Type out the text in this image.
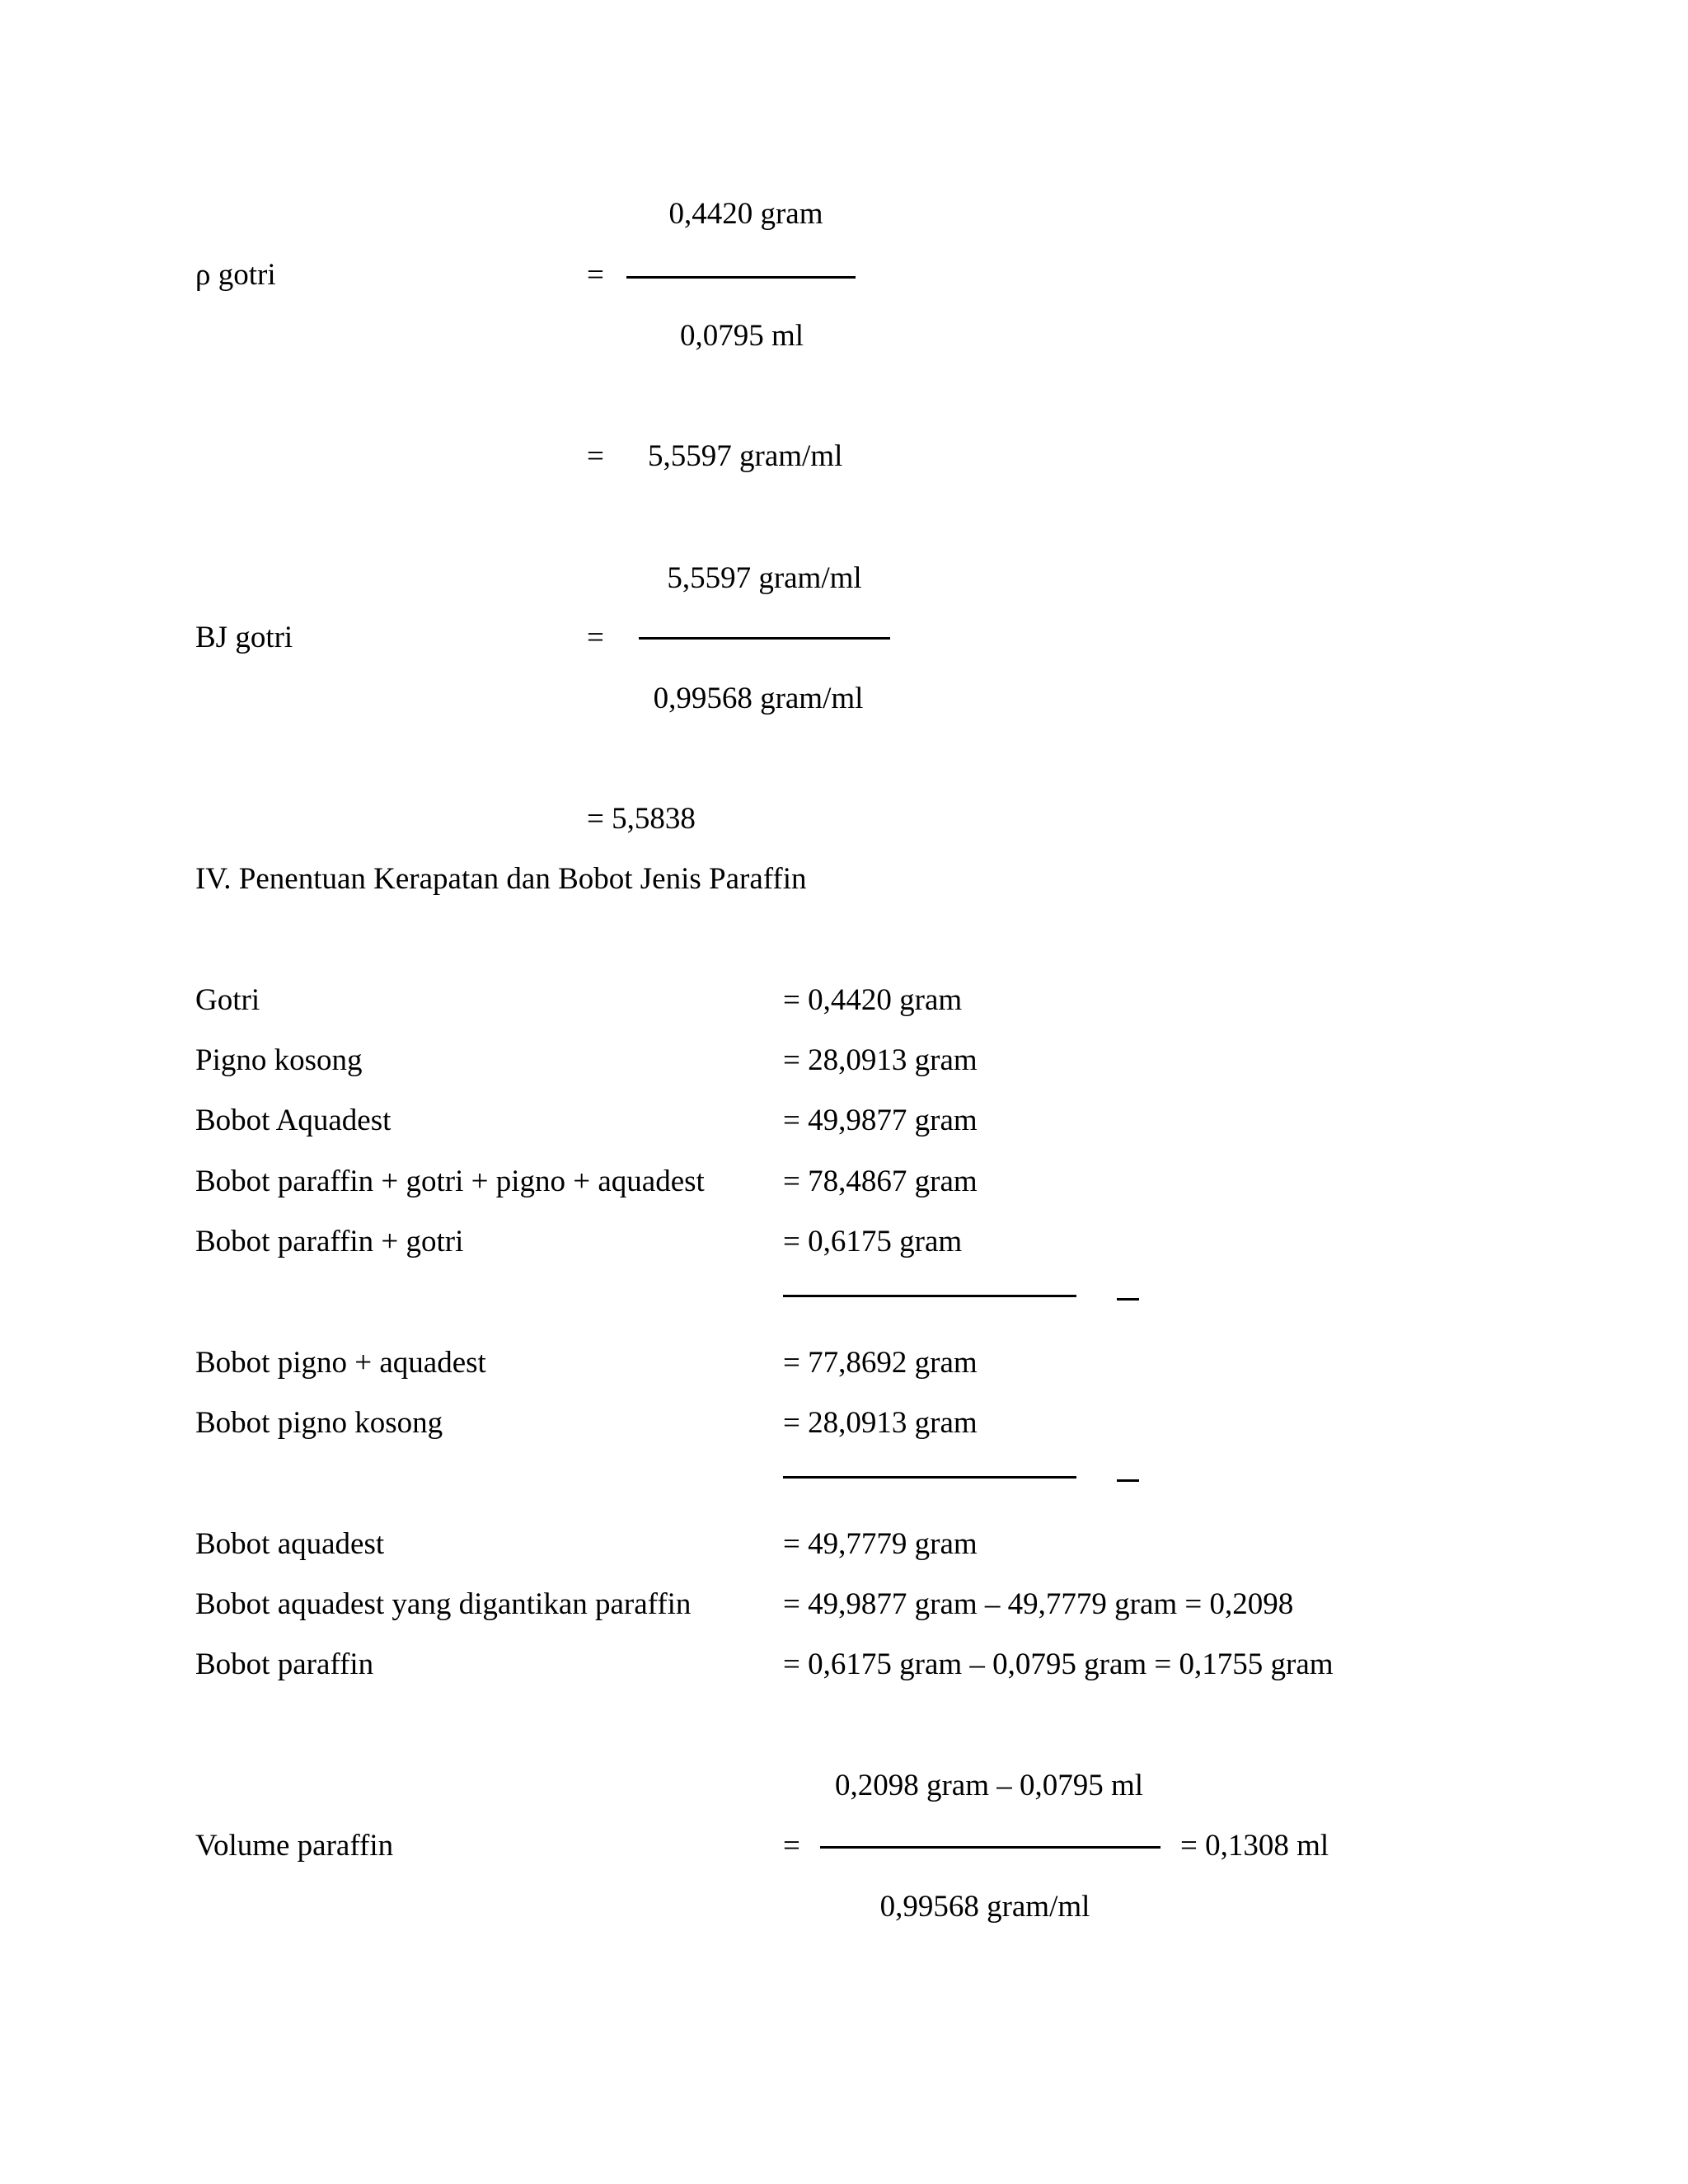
0,4420 gram
ρ gotri	=
0,0795 ml
= 5,5597 gram/ml
5,5597 gram/ml
BJ gotri	=
0,99568 gram/ml
= 5,5838
IV. Penentuan Kerapatan dan Bobot Jenis Paraffin
Gotri	= 0,4420 gram
Pigno kosong	= 28,0913 gram
Bobot Aquadest	= 49,9877 gram
Bobot paraffin + gotri + pigno + aquadest	= 78,4867 gram
Bobot paraffin + gotri	= 0,6175 gram
Bobot pigno + aquadest	= 77,8692 gram
Bobot pigno kosong	= 28,0913 gram
Bobot aquadest	= 49,7779 gram
Bobot aquadest yang digantikan paraffin	= 49,9877 gram – 49,7779 gram = 0,2098
Bobot paraffin	= 0,6175 gram – 0,0795 gram = 0,1755 gram
0,2098 gram – 0,0795 ml
Volume paraffin	=	= 0,1308 ml
0,99568 gram/ml
